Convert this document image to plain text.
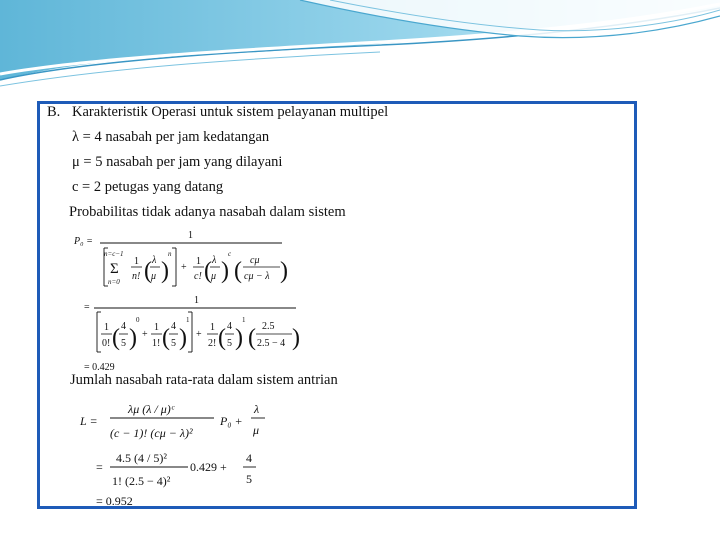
B. Karakteristik Operasi untuk sistem pelayanan multipel
λ = 4 nasabah per jam kedatangan
μ = 5 nasabah per jam yang dilayani
c = 2 petugas yang datang
Probabilitas tidak adanya nasabah dalam sistem
Jumlah nasabah rata-rata dalam sistem antrian
P₀ =
1
n=c−1
Σ
n=0
1
n! ( λ
μ )
n
+
1
c! ( λ
μ )
c
( cμ
cμ − λ )
=
1
1
0! ( 4
5 )
0
+
1
1! ( 4
5 )
1
+
1
2! ( 4
5 )
1
( 2.5
2.5 − 4 )
= 0.429
L =
λμ (λ / μ)ᶜ
(c − 1)! (cμ − λ)²
P₀ +
λ
μ
=
4.5 (4 / 5)²
1! (2.5 − 4)²
0.429 +
4
5
= 0.952
